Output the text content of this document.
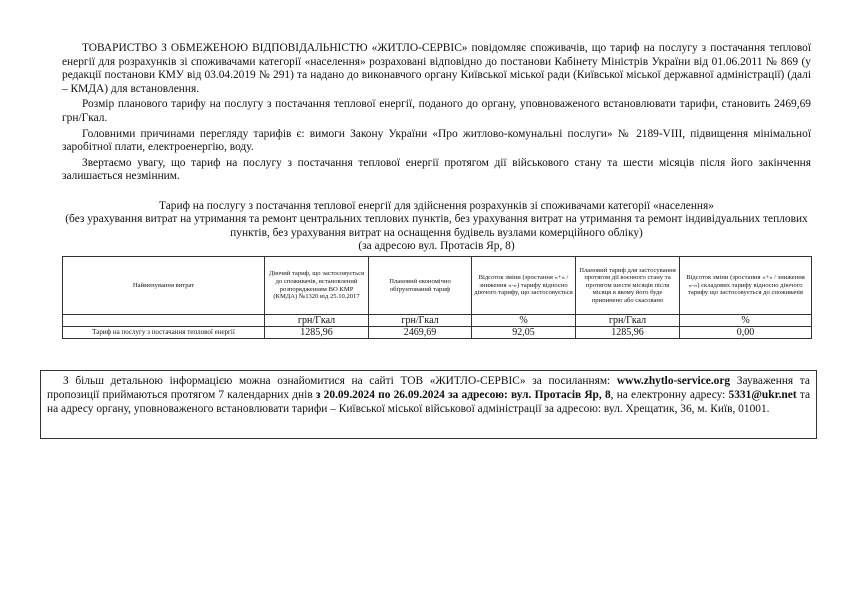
ТОВАРИСТВО З ОБМЕЖЕНОЮ ВІДПОВІДАЛЬНІСТЮ «ЖИТЛО-СЕРВІС» повідомляє споживачів, що тариф на послугу з постачання теплової енергії для розрахунків зі споживачами категорії «населення» розраховані відповідно до постанови Кабінету Міністрів України від 01.06.2011 № 869 (у редакції постанови КМУ від 03.04.2019 № 291) та надано до виконавчого органу Київської міської ради (Київської міської державної адміністрації) (далі – КМДА) для встановлення.

Розмір планового тарифу на послугу з постачання теплової енергії, поданого до органу, уповноваженого встановлювати тарифи, становить 2469,69 грн/Гкал.

Головними причинами перегляду тарифів є: вимоги Закону України «Про житлово-комунальні послуги» № 2189-VIII, підвищення мінімальної заробітної плати, електроенергію, воду.

Звертаємо увагу, що тариф на послугу з постачання теплової енергії протягом дії військового стану та шести місяців після його закінчення залишається незмінним.

Тариф на послугу з постачання теплової енергії для здійснення розрахунків зі споживачами категорії «населення»
(без урахування витрат на утримання та ремонт центральних теплових пунктів, без урахування витрат на утримання та ремонт індивідуальних теплових пунктів, без урахування витрат на оснащення будівель вузлами комерційного обліку)
(за адресою вул. Протасів Яр, 8)
Найменування витрат	Діючий тариф, що застосовується до споживачів, встановлений розпорядженням ВО КМР (КМДА) №1320 від 25.10.2017	Плановий економічно обґрунтований тариф	Відсоток зміни (зростання «+» / зниження «-») тарифу відносно діючого тарифу, що застосовується	Плановий тариф для застосування протягом дії воєнного стану та протягом шести місяців після місяця в якому його буде припинено або скасовано	Відсоток зміни (зростання «+» / зниження «-») складових тарифу відносно діючого тарифу що застосовується до споживачів
	грн/Гкал	грн/Гкал	%	грн/Гкал	%
Тариф на послугу з постачання теплової енергії	1285,96	2469,69	92,05	1285,96	0,00

З більш детальною інформацією можна ознайомитися на сайті ТОВ «ЖИТЛО-СЕРВІС» за посиланням: www.zhytlo-service.org Зауваження та пропозиції приймаються протягом 7 календарних днів з 20.09.2024 по 26.09.2024 за адресою: вул. Протасів Яр, 8, на електронну адресу: 5331@ukr.net та на адресу органу, уповноваженого встановлювати тарифи – Київської міської військової адміністрації за адресою: вул. Хрещатик, 36, м. Київ, 01001.
